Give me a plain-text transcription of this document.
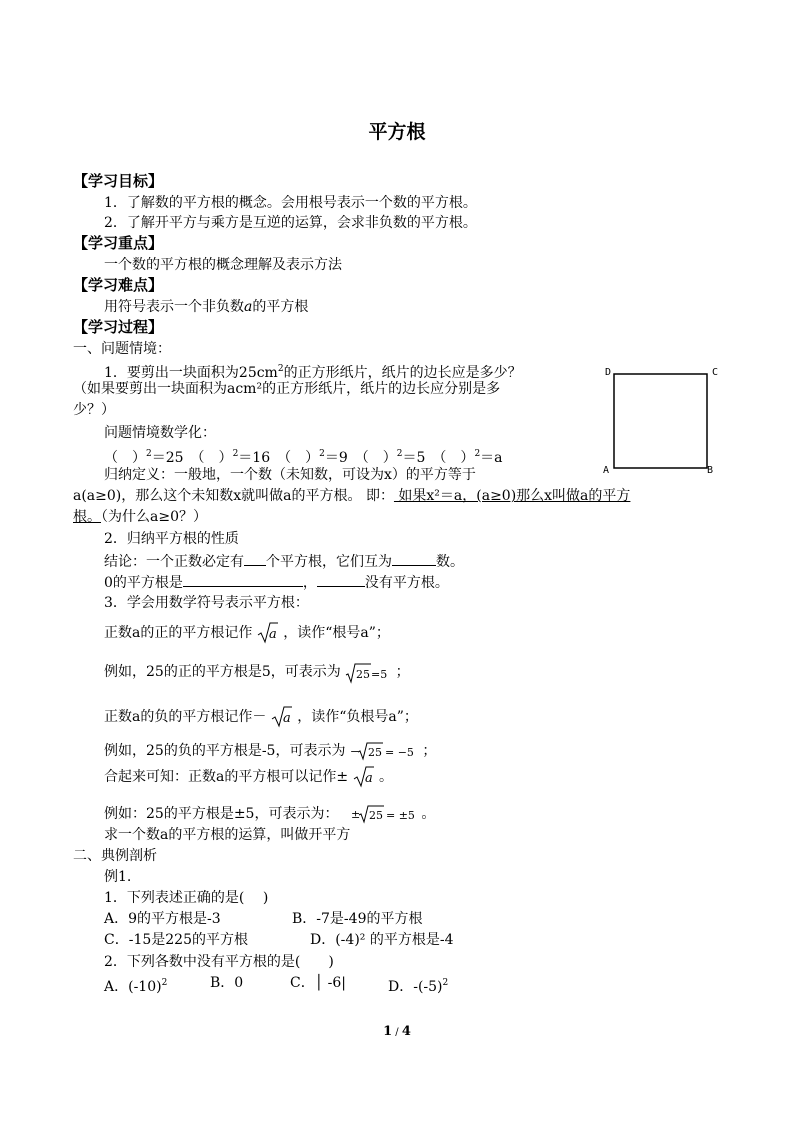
平方根
【学习目标】
1．了解数的平方根的概念。会用根号表示一个数的平方根。
2．了解开平方与乘方是互逆的运算，会求非负数的平方根。
【学习重点】
一个数的平方根的概念理解及表示方法
【学习难点】
用符号表示一个非负数a的平方根
【学习过程】
一、问题情境：
1．要剪出一块面积为$25cm^2$的正方形纸片，纸片的边长应是多少？
（如果要剪出一块面积为acm²的正方形纸片，纸片的边长应分别是多
少？）
D	C
A	B
问题情境数学化：
（　）$^2$＝25　（　）$^2$＝16　（　）$^2$＝9　（　）$^2$＝5　（　）$^2$＝a
归纳定义：一般地，一个数（未知数，可设为x）的平方等于
a(a≥0)，那么这个未知数x就叫做a的平方根。 即： 如果x²＝a，(a≥0)那么x叫做a的平方
根。（为什么a≥0？）
2．归纳平方根的性质
结论：一个正数必定有 个平方根，它们互为	数。
0的平方根是	，	没有平方根。
3．学会用数学符号表示平方根：
正数a的正的平方根记作 a ，读作“根号a”；
例如，25的正的平方根是5，可表示为 25 =5 ；
正数a的负的平方根记作－ a ，读作“负根号a”；
例如，25的负的平方根是-5，可表示为 − 25 = −5 ；
合起来可知：正数a的平方根可以记作± a 。
例如：25的平方根是±5，可表示为： ± 25 = ±5 。
求一个数a的平方根的运算，叫做开平方
二、典例剖析
例1.
1．下列表述正确的是(　 )
A．9的平方根是-3	B．-7是-49的平方根
C．-15是225的平方根	D．(-4)² 的平方根是-4
2．下列各数中没有平方根的是(　　)
A．$(-10)^2$	B．0	C．│ -6|	D．$-(-5)^2$
1 / 4
